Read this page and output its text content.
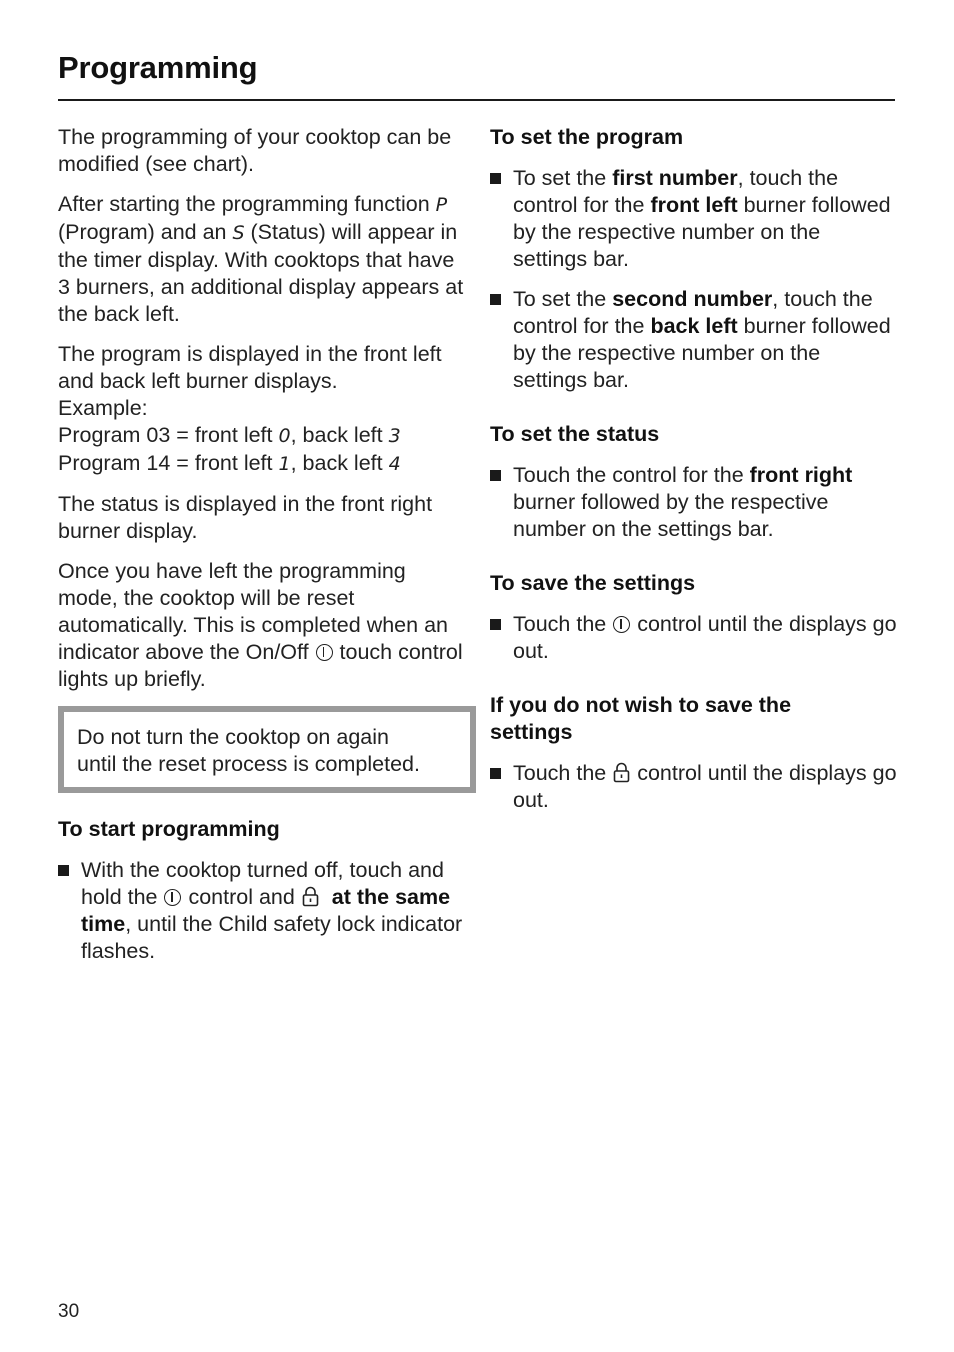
Programming

The programming of your cooktop can be modified (see chart).

After starting the programming function P (Program) and an S (Status) will appear in the timer display. With cooktops that have 3 burners, an additional display appears at the back left.

The program is displayed in the front left and back left burner displays.
Example:
Program 03 = front left 0, back left 3
Program 14 = front left 1, back left 4

The status is displayed in the front right burner display.

Once you have left the programming mode, the cooktop will be reset automatically. This is completed when an indicator above the On/Off  touch control lights up briefly.

Do not turn the cooktop on again
until the reset process is completed.
To start programming
With the cooktop turned off, touch and hold the  control and   at the same time, until the Child safety lock indicator flashes.
To set the program
To set the first number, touch the control for the front left burner followed by the respective number on the settings bar.
To set the second number, touch the control for the back left burner followed by the respective number on the settings bar.
To set the status
Touch the control for the front right burner followed by the respective number on the settings bar.
To save the settings
Touch the  control until the displays go out.
If you do not wish to save the
settings
Touch the  control until the displays go out.
30
